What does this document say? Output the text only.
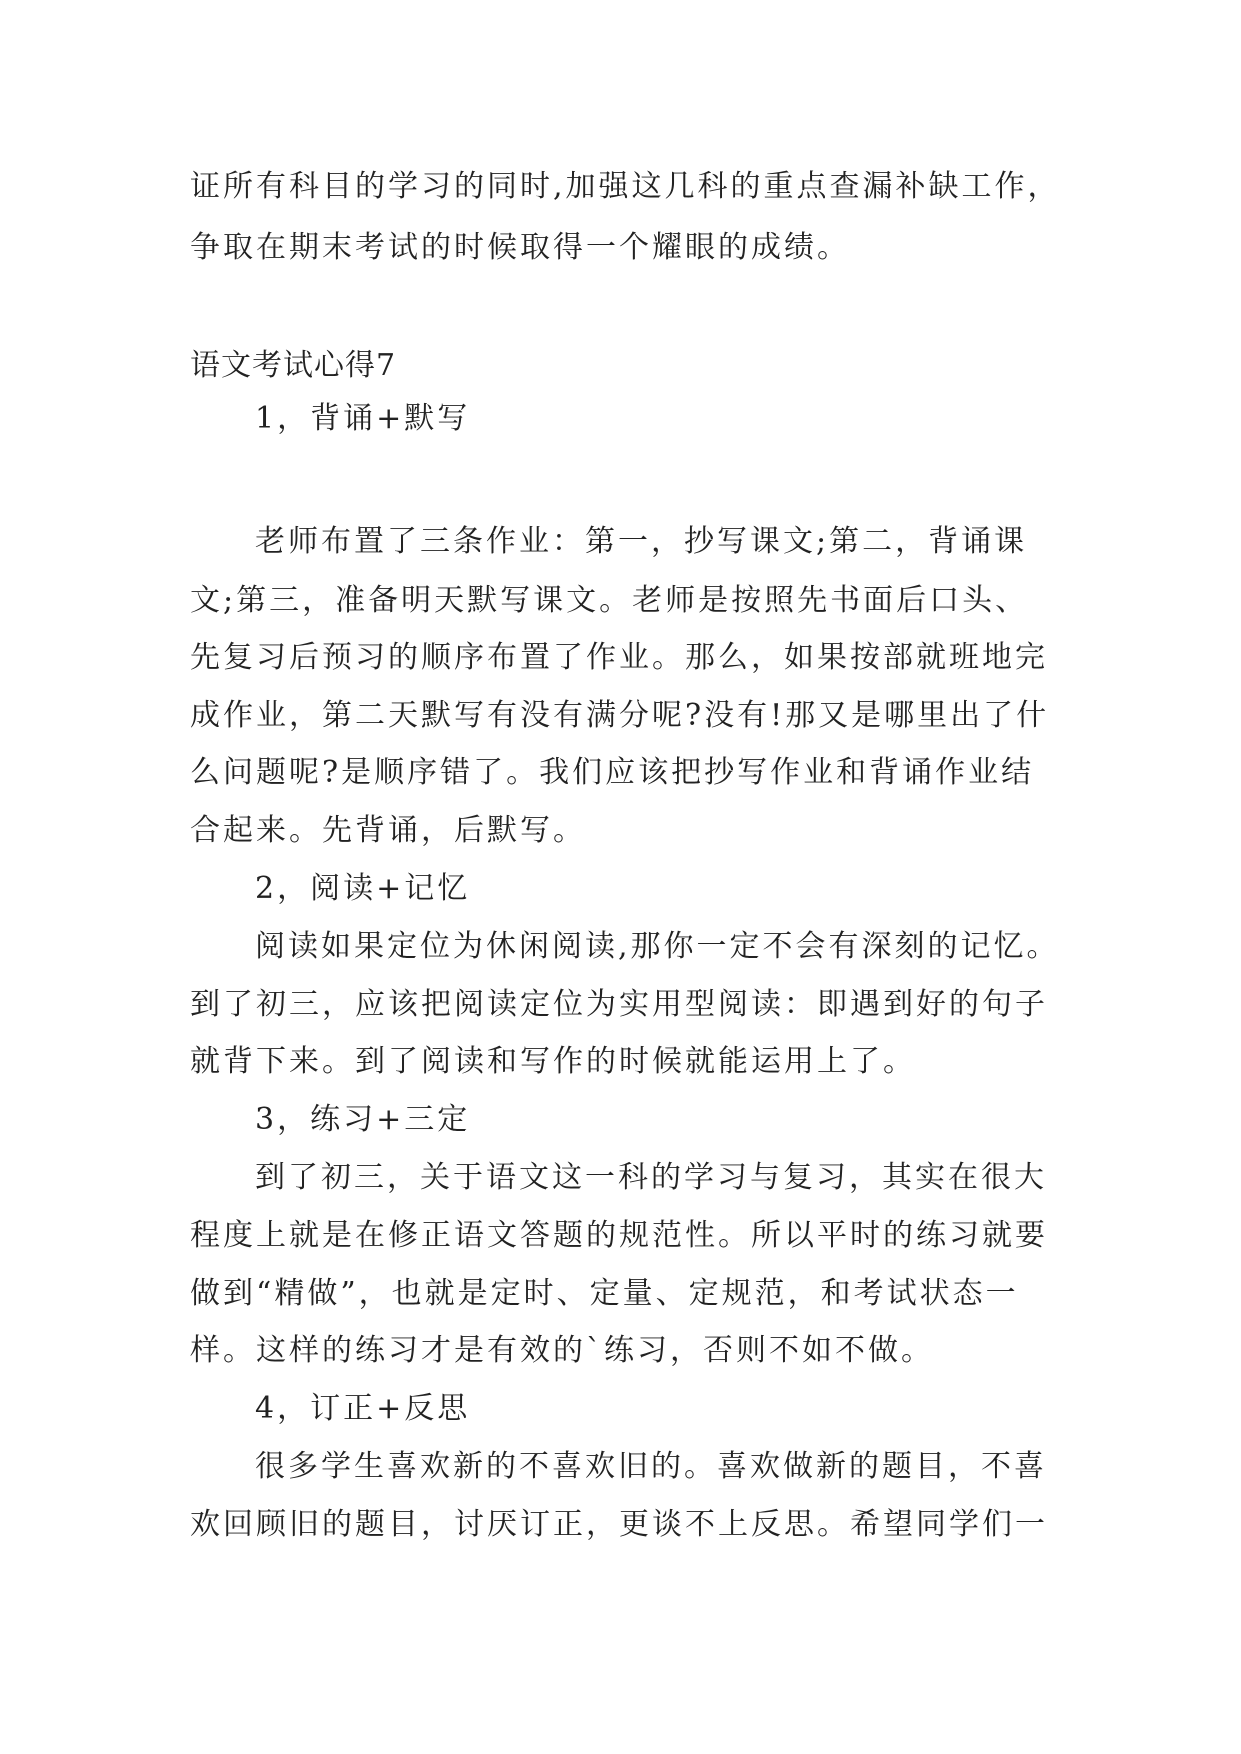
证所有科目的学习的同时,加强这几科的重点查漏补缺工作，
争取在期末考试的时候取得一个耀眼的成绩。
语文考试心得7
1，背诵+默写
老师布置了三条作业：第一，抄写课文;第二，背诵课
文;第三，准备明天默写课文。老师是按照先书面后口头、
先复习后预习的顺序布置了作业。那么，如果按部就班地完
成作业，第二天默写有没有满分呢?没有!那又是哪里出了什
么问题呢?是顺序错了。我们应该把抄写作业和背诵作业结
合起来。先背诵，后默写。
2，阅读+记忆
阅读如果定位为休闲阅读,那你一定不会有深刻的记忆。
到了初三，应该把阅读定位为实用型阅读：即遇到好的句子
就背下来。到了阅读和写作的时候就能运用上了。
3，练习+三定
到了初三，关于语文这一科的学习与复习，其实在很大
程度上就是在修正语文答题的规范性。所以平时的练习就要
做到“精做”，也就是定时、定量、定规范，和考试状态一
样。这样的练习才是有效的`练习，否则不如不做。
4，订正+反思
很多学生喜欢新的不喜欢旧的。喜欢做新的题目，不喜
欢回顾旧的题目，讨厌订正，更谈不上反思。希望同学们一
